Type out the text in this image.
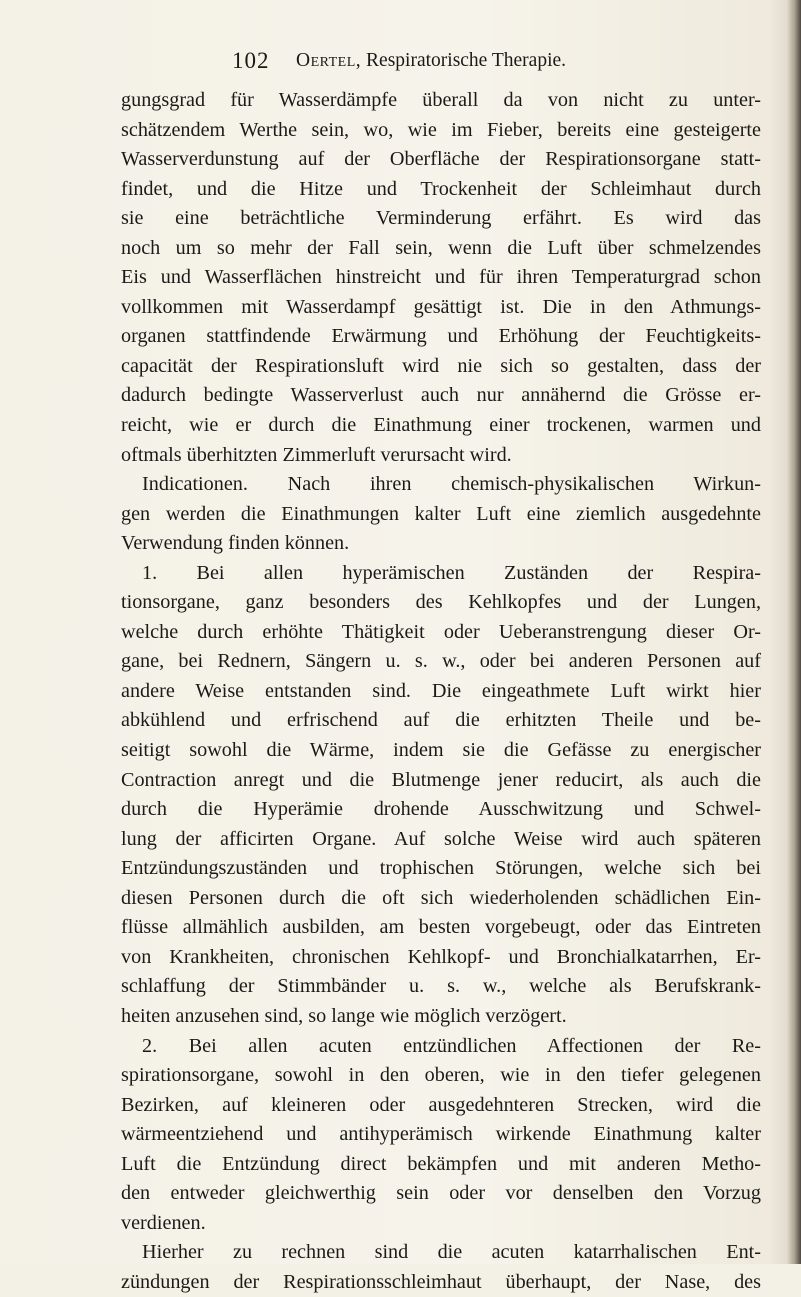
102 Oertel, Respiratorische Therapie.
gungsgrad für Wasserdämpfe überall da von nicht zu unter-
schätzendem Werthe sein, wo, wie im Fieber, bereits eine gesteigerte
Wasserverdunstung auf der Oberfläche der Respirationsorgane statt-
findet, und die Hitze und Trockenheit der Schleimhaut durch
sie eine beträchtliche Verminderung erfährt. Es wird das
noch um so mehr der Fall sein, wenn die Luft über schmelzendes
Eis und Wasserflächen hinstreicht und für ihren Temperaturgrad schon
vollkommen mit Wasserdampf gesättigt ist. Die in den Athmungs-
organen stattfindende Erwärmung und Erhöhung der Feuchtigkeits-
capacität der Respirationsluft wird nie sich so gestalten, dass der
dadurch bedingte Wasserverlust auch nur annähernd die Grösse er-
reicht, wie er durch die Einathmung einer trockenen, warmen und
oftmals überhitzten Zimmerluft verursacht wird.
Indicationen. Nach ihren chemisch-physikalischen Wirkun-
gen werden die Einathmungen kalter Luft eine ziemlich ausgedehnte
Verwendung finden können.
1. Bei allen hyperämischen Zuständen der Respira-
tionsorgane, ganz besonders des Kehlkopfes und der Lungen,
welche durch erhöhte Thätigkeit oder Ueberanstrengung dieser Or-
gane, bei Rednern, Sängern u. s. w., oder bei anderen Personen auf
andere Weise entstanden sind. Die eingeathmete Luft wirkt hier
abkühlend und erfrischend auf die erhitzten Theile und be-
seitigt sowohl die Wärme, indem sie die Gefässe zu energischer
Contraction anregt und die Blutmenge jener reducirt, als auch die
durch die Hyperämie drohende Ausschwitzung und Schwel-
lung der afficirten Organe. Auf solche Weise wird auch späteren
Entzündungszuständen und trophischen Störungen, welche sich bei
diesen Personen durch die oft sich wiederholenden schädlichen Ein-
flüsse allmählich ausbilden, am besten vorgebeugt, oder das Eintreten
von Krankheiten, chronischen Kehlkopf- und Bronchialkatarrhen, Er-
schlaffung der Stimmbänder u. s. w., welche als Berufskrank-
heiten anzusehen sind, so lange wie möglich verzögert.
2. Bei allen acuten entzündlichen Affectionen der Re-
spirationsorgane, sowohl in den oberen, wie in den tiefer gelegenen
Bezirken, auf kleineren oder ausgedehnteren Strecken, wird die
wärmeentziehend und antihyperämisch wirkende Einathmung kalter
Luft die Entzündung direct bekämpfen und mit anderen Metho-
den entweder gleichwerthig sein oder vor denselben den Vorzug
verdienen.
Hierher zu rechnen sind die acuten katarrhalischen Ent-
zündungen der Respirationsschleimhaut überhaupt, der Nase, des
